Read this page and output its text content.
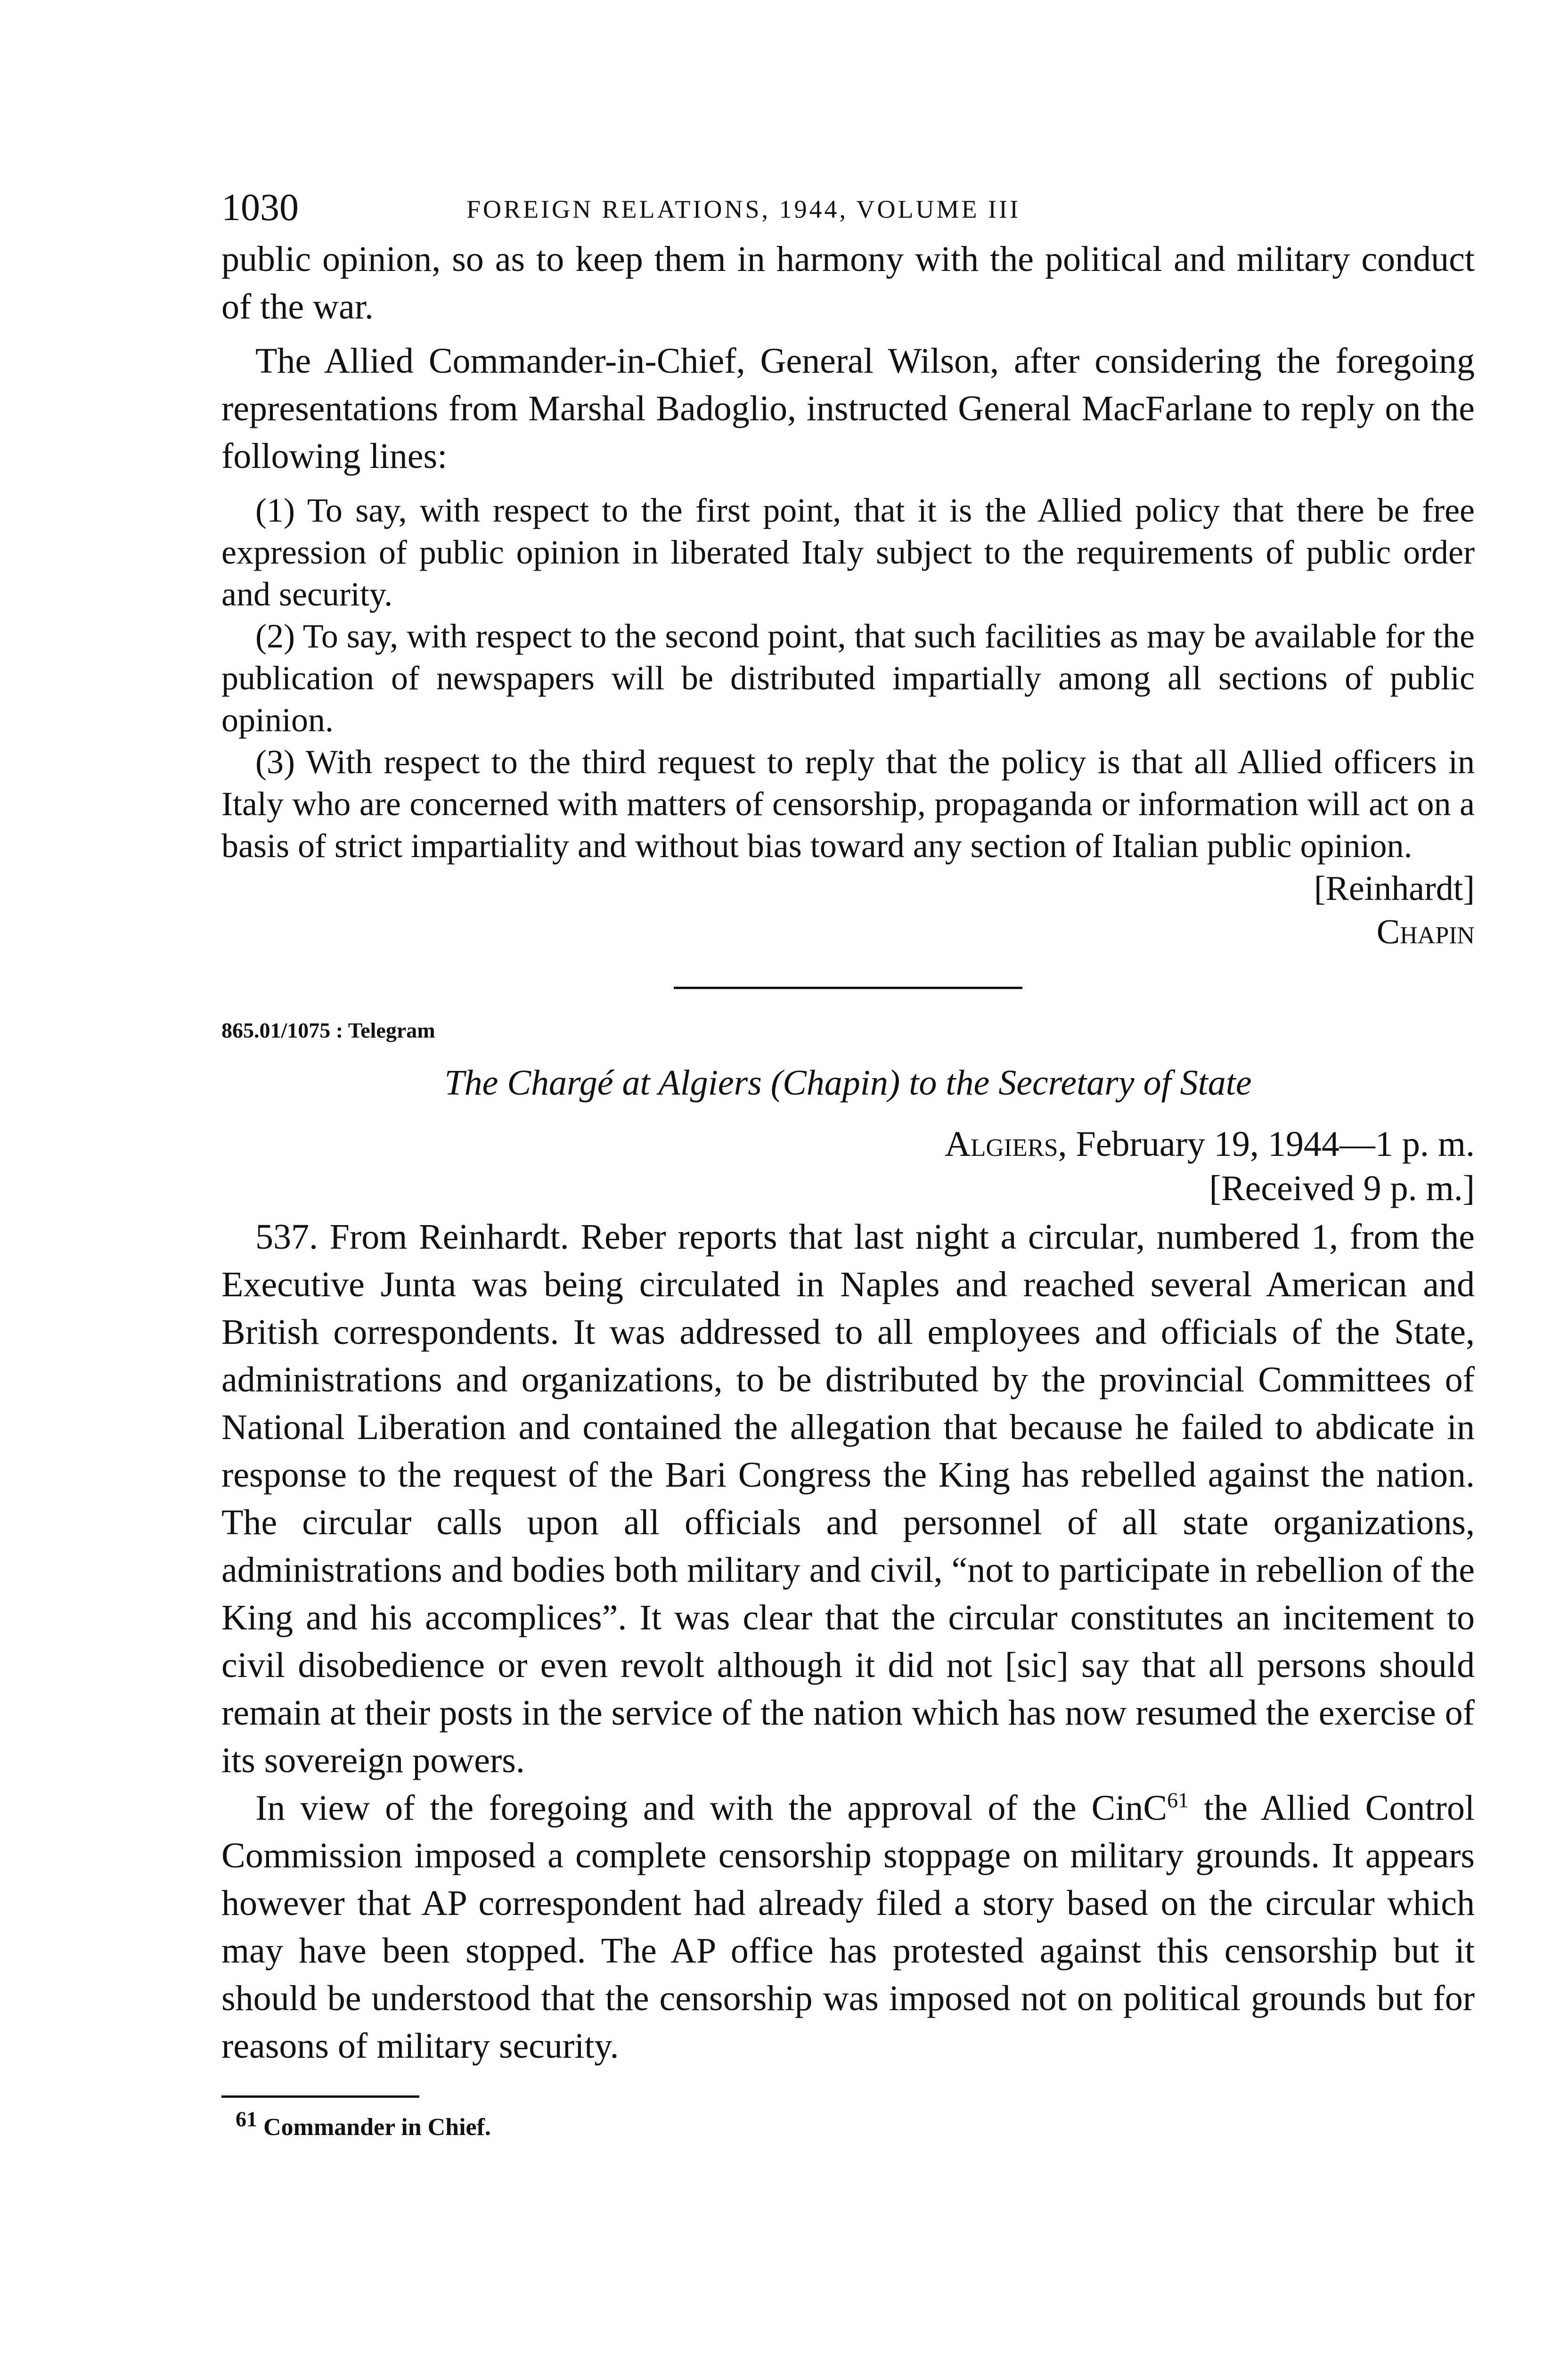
1030	FOREIGN RELATIONS, 1944, VOLUME III

public opinion, so as to keep them in harmony with the political and military conduct of the war.

The Allied Commander-in-Chief, General Wilson, after considering the foregoing representations from Marshal Badoglio, instructed General MacFarlane to reply on the following lines:

(1) To say, with respect to the first point, that it is the Allied policy that there be free expression of public opinion in liberated Italy subject to the requirements of public order and security.

(2) To say, with respect to the second point, that such facilities as may be available for the publication of newspapers will be distributed impartially among all sections of public opinion.

(3) With respect to the third request to reply that the policy is that all Allied officers in Italy who are concerned with matters of censorship, propaganda or information will act on a basis of strict impartiality and without bias toward any section of Italian public opinion.

[Reinhardt]
Chapin
865.01/1075 : Telegram
The Chargé at Algiers (Chapin) to the Secretary of State
Algiers, February 19, 1944—1 p. m.
[Received 9 p. m.]

537. From Reinhardt. Reber reports that last night a circular, numbered 1, from the Executive Junta was being circulated in Naples and reached several American and British correspondents. It was addressed to all employees and officials of the State, administrations and organizations, to be distributed by the provincial Committees of National Liberation and contained the allegation that because he failed to abdicate in response to the request of the Bari Congress the King has rebelled against the nation. The circular calls upon all officials and personnel of all state organizations, administrations and bodies both military and civil, “not to participate in rebellion of the King and his accomplices”. It was clear that the circular constitutes an incitement to civil disobedience or even revolt although it did not [sic] say that all persons should remain at their posts in the service of the nation which has now resumed the exercise of its sovereign powers.

In view of the foregoing and with the approval of the CinC$^{61}$ the Allied Control Commission imposed a complete censorship stoppage on military grounds. It appears however that AP correspondent had already filed a story based on the circular which may have been stopped. The AP office has protested against this censorship but it should be understood that the censorship was imposed not on political grounds but for reasons of military security.

$^{61}$ Commander in Chief.
